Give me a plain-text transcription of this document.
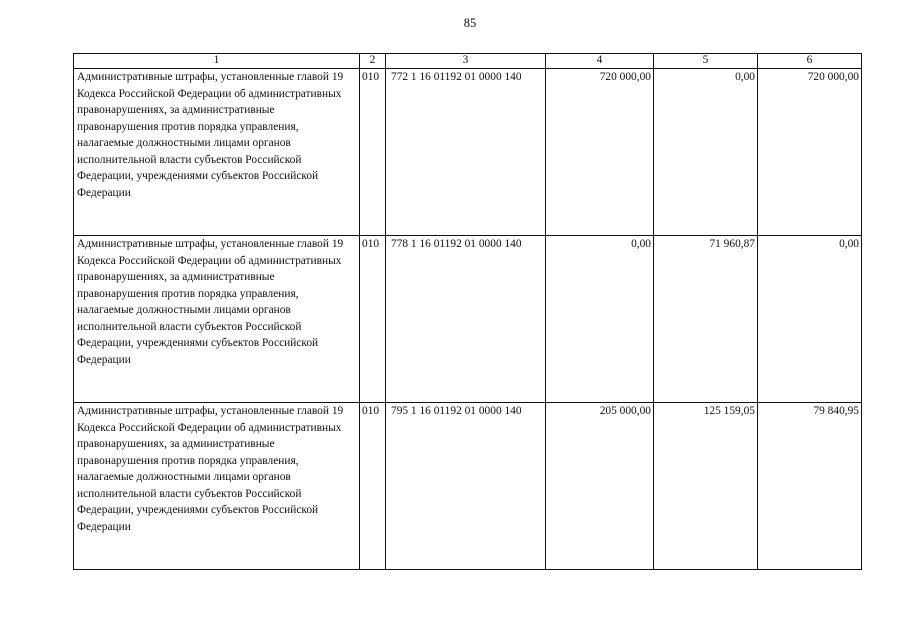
85
1	2	3	4	5	6

Административные штрафы, установленные главой 19 Кодекса Российской Федерации об административных правонарушениях, за административные правонарушения против порядка управления, налагаемые должностными лицами органов исполнительной власти субъектов Российской Федерации, учреждениями субъектов Российской Федерации	010	772 1 16 01192 01 0000 140	720 000,00	0,00	720 000,00

Административные штрафы, установленные главой 19 Кодекса Российской Федерации об административных правонарушениях, за административные правонарушения против порядка управления, налагаемые должностными лицами органов исполнительной власти субъектов Российской Федерации, учреждениями субъектов Российской Федерации	010	778 1 16 01192 01 0000 140	0,00	71 960,87	0,00

Административные штрафы, установленные главой 19 Кодекса Российской Федерации об административных правонарушениях, за административные правонарушения против порядка управления, налагаемые должностными лицами органов исполнительной власти субъектов Российской Федерации, учреждениями субъектов Российской Федерации	010	795 1 16 01192 01 0000 140	205 000,00	125 159,05	79 840,95
